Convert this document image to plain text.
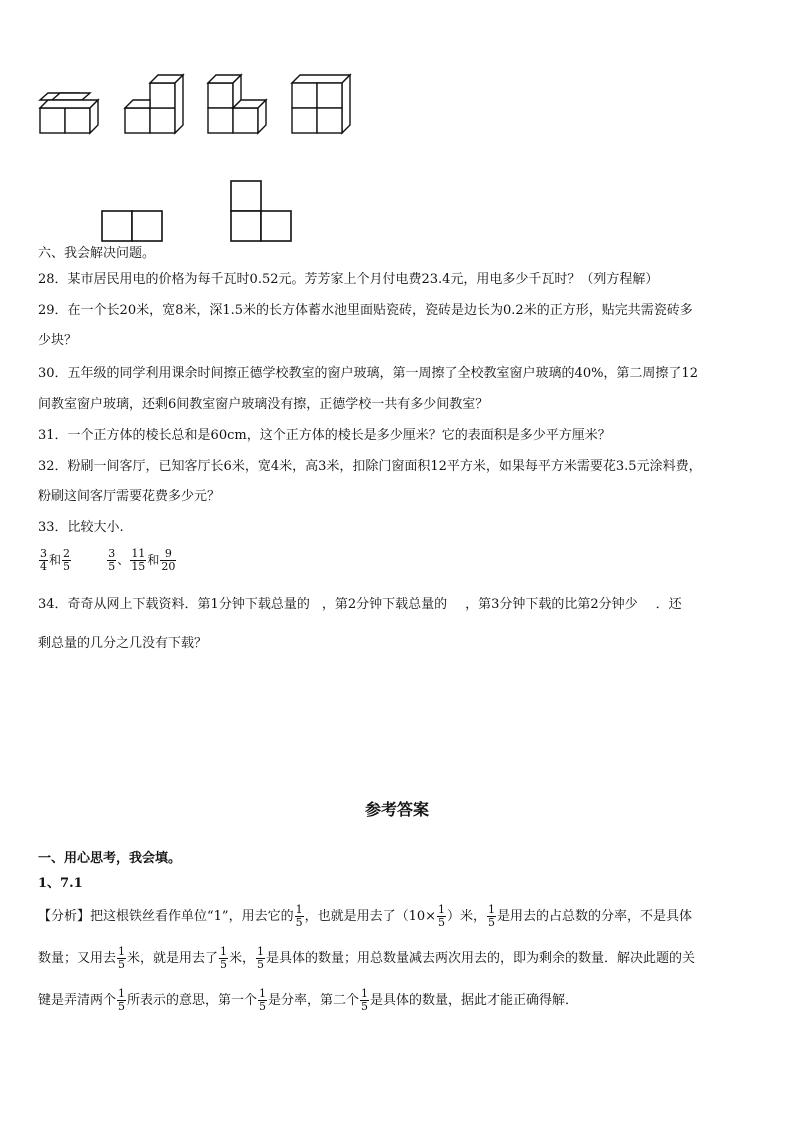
六、我会解决问题。
28．某市居民用电的价格为每千瓦时0.52元。芳芳家上个月付电费23.4元，用电多少千瓦时？（列方程解）
29．在一个长20米，宽8米，深1.5米的长方体蓄水池里面贴瓷砖，瓷砖是边长为0.2米的正方形，贴完共需瓷砖多
少块？
30．五年级的同学利用课余时间擦正德学校教室的窗户玻璃，第一周擦了全校教室窗户玻璃的40%，第二周擦了12
间教室窗户玻璃，还剩6间教室窗户玻璃没有擦，正德学校一共有多少间教室？
31．一个正方体的棱长总和是60cm，这个正方体的棱长是多少厘米？它的表面积是多少平方厘米？
32．粉刷一间客厅，已知客厅长6米，宽4米，高3米，扣除门窗面积12平方米，如果每平方米需要花3.5元涂料费，
粉刷这间客厅需要花费多少元？
33．比较大小.
$\frac{3}{4}$ 和 $\frac{2}{5}$
	$\frac{3}{5}$ 、 $\frac{11}{15}$ 和 $\frac{9}{20}$
34．奇奇从网上下载资料．第1分钟下载总量的 ，第2分钟下载总量的 ，第3分钟下载的比第2分钟少 ．还
剩总量的几分之几没有下载？
参考答案
一、用心思考，我会填。
1、7.1
【分析】把这根铁丝看作单位“1”，用去它的 $\frac{1}{5}$ ，也就是用去了（$10\times \frac{1}{5}$ ）米， $\frac{1}{5}$ 是用去的占总数的分率，不是具体
数量；又用去 $\frac{1}{5}$ 米，就是用去了 $\frac{1}{5}$ 米， $\frac{1}{5}$ 是具体的数量；用总数量减去两次用去的，即为剩余的数量．解决此题的关
键是弄清两个 $\frac{1}{5}$ 所表示的意思，第一个 $\frac{1}{5}$ 是分率，第二个 $\frac{1}{5}$ 是具体的数量，据此才能正确得解．
